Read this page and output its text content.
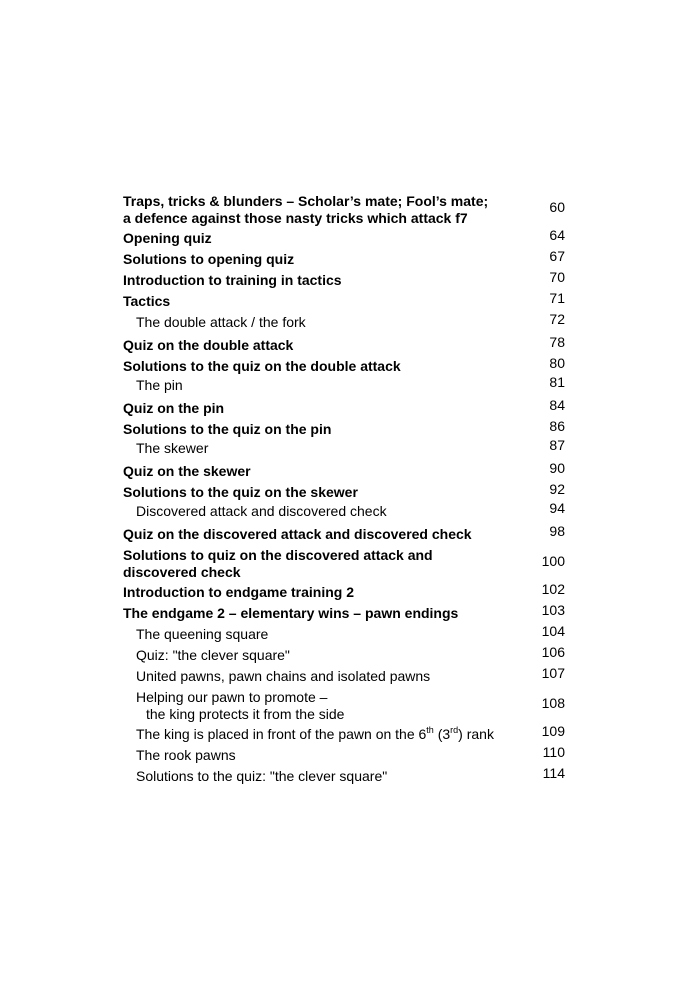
Traps, tricks & blunders – Scholar’s mate; Fool’s mate;
a defence against those nasty tricks which attack f7
60
Opening quiz	64
Solutions to opening quiz	67
Introduction to training in tactics	70
Tactics	71
The double attack / the fork	72
Quiz on the double attack	78
Solutions to the quiz on the double attack	80
The pin	81
Quiz on the pin	84
Solutions to the quiz on the pin	86
The skewer	87
Quiz on the skewer	90
Solutions to the quiz on the skewer	92
Discovered attack and discovered check	94
Quiz on the discovered attack and discovered check	98
Solutions to quiz on the discovered attack and
discovered check
100
Introduction to endgame training 2	102
The endgame 2 – elementary wins – pawn endings	103
The queening square	104
Quiz: "the clever square"	106
United pawns, pawn chains and isolated pawns	107
Helping our pawn to promote –
the king protects it from the side
108
The king is placed in front of the pawn on the 6th (3rd) rank	109
The rook pawns	110
Solutions to the quiz: "the clever square"	114
